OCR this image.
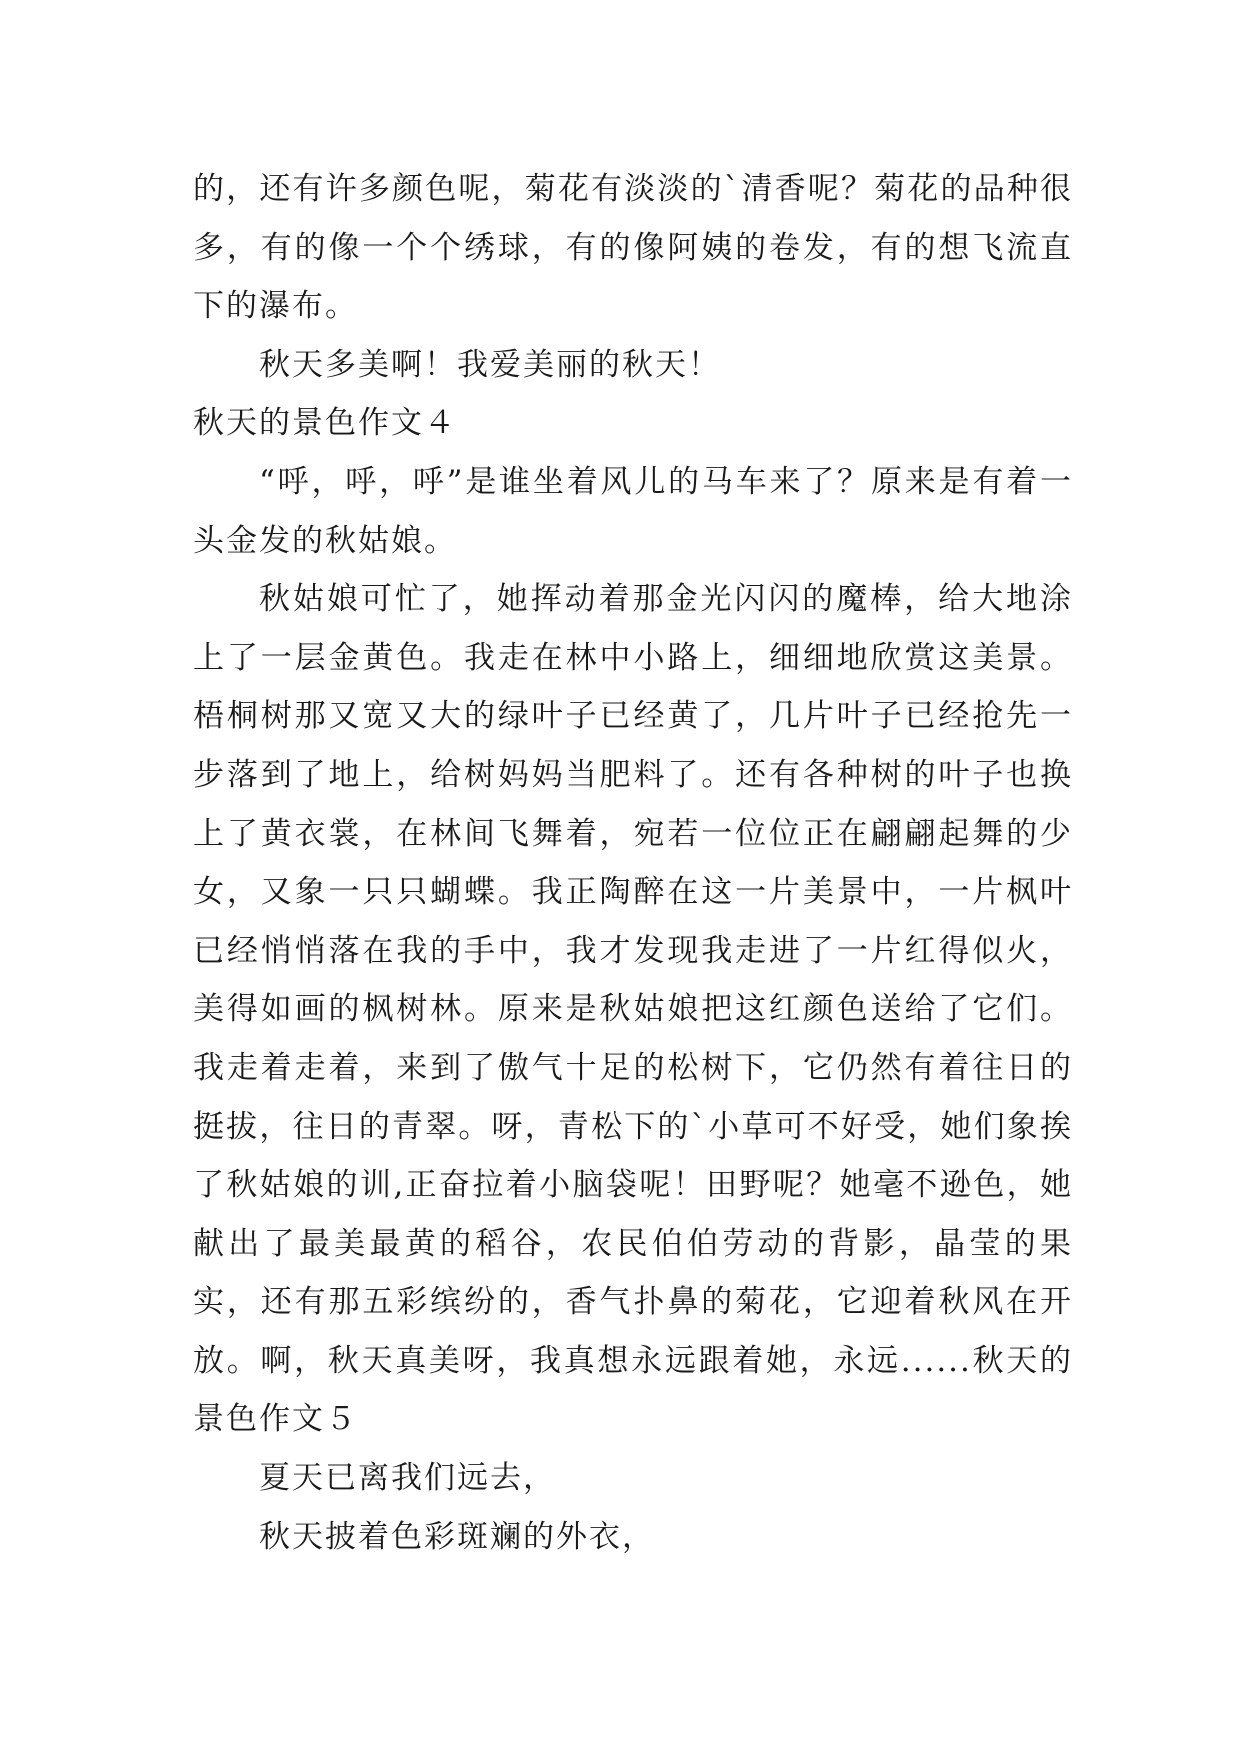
的，还有许多颜色呢，菊花有淡淡的`清香呢？菊花的品种很多，有的像一个个绣球，有的像阿姨的卷发，有的想飞流直下的瀑布。

秋天多美啊！我爱美丽的秋天！

秋天的景色作文４

“呼，呼，呼”是谁坐着风儿的马车来了？原来是有着一头金发的秋姑娘。

秋姑娘可忙了，她挥动着那金光闪闪的魔棒，给大地涂上了一层金黄色。我走在林中小路上，细细地欣赏这美景。梧桐树那又宽又大的绿叶子已经黄了，几片叶子已经抢先一步落到了地上，给树妈妈当肥料了。还有各种树的叶子也换上了黄衣裳，在林间飞舞着，宛若一位位正在翩翩起舞的少女，又象一只只蝴蝶。我正陶醉在这一片美景中，一片枫叶已经悄悄落在我的手中，我才发现我走进了一片红得似火，美得如画的枫树林。原来是秋姑娘把这红颜色送给了它们。我走着走着，来到了傲气十足的松树下，它仍然有着往日的挺拔，往日的青翠。呀，青松下的`小草可不好受，她们象挨了秋姑娘的训,正奋拉着小脑袋呢！田野呢？她毫不逊色，她献出了最美最黄的稻谷，农民伯伯劳动的背影，晶莹的果实，还有那五彩缤纷的，香气扑鼻的菊花，它迎着秋风在开放。啊，秋天真美呀，我真想永远跟着她，永远......秋天的景色作文５

夏天已离我们远去，

秋天披着色彩斑斓的外衣，
